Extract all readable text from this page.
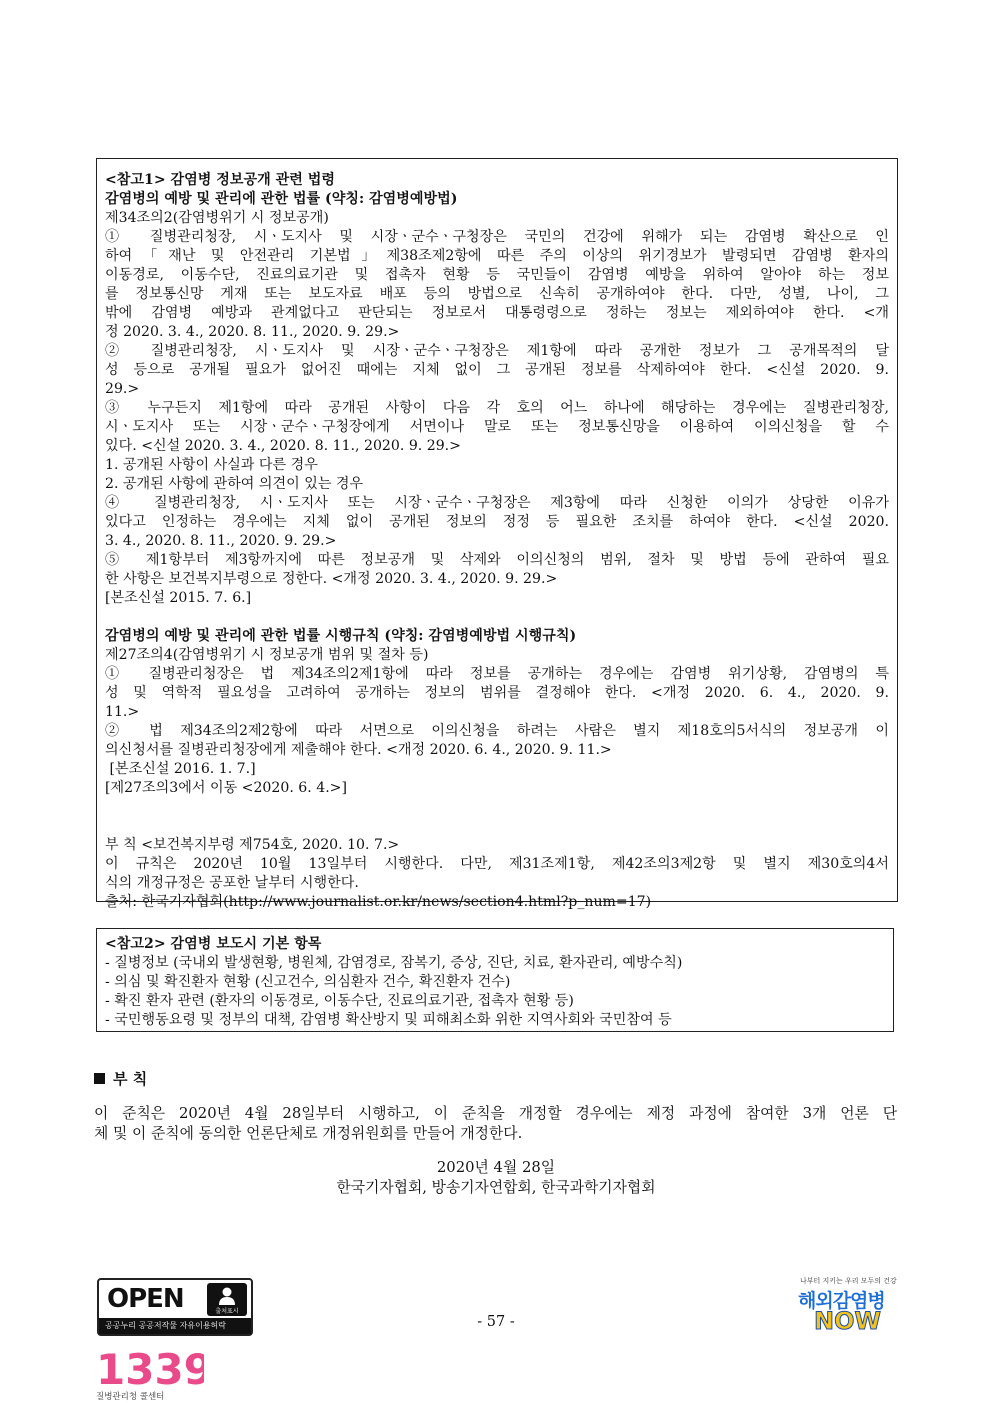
<참고1> 감염병 정보공개 관련 법령
감염병의 예방 및 관리에 관한 법률 (약칭: 감염병예방법)
제34조의2(감염병위기 시 정보공개)
① 질병관리청장, 시ㆍ도지사 및 시장ㆍ군수ㆍ구청장은 국민의 건강에 위해가 되는 감염병 확산으로 인
하여「재난 및 안전관리 기본법」제38조제2항에 따른 주의 이상의 위기경보가 발령되면 감염병 환자의
이동경로, 이동수단, 진료의료기관 및 접촉자 현황 등 국민들이 감염병 예방을 위하여 알아야 하는 정보
를 정보통신망 게재 또는 보도자료 배포 등의 방법으로 신속히 공개하여야 한다. 다만, 성별, 나이, 그
밖에 감염병 예방과 관계없다고 판단되는 정보로서 대통령령으로 정하는 정보는 제외하여야 한다. <개
정 2020. 3. 4., 2020. 8. 11., 2020. 9. 29.>
② 질병관리청장, 시ㆍ도지사 및 시장ㆍ군수ㆍ구청장은 제1항에 따라 공개한 정보가 그 공개목적의 달
성 등으로 공개될 필요가 없어진 때에는 지체 없이 그 공개된 정보를 삭제하여야 한다. <신설 2020. 9.
29.>
③ 누구든지 제1항에 따라 공개된 사항이 다음 각 호의 어느 하나에 해당하는 경우에는 질병관리청장,
시ㆍ도지사 또는 시장ㆍ군수ㆍ구청장에게 서면이나 말로 또는 정보통신망을 이용하여 이의신청을 할 수
있다. <신설 2020. 3. 4., 2020. 8. 11., 2020. 9. 29.>
1. 공개된 사항이 사실과 다른 경우
2. 공개된 사항에 관하여 의견이 있는 경우
④ 질병관리청장, 시ㆍ도지사 또는 시장ㆍ군수ㆍ구청장은 제3항에 따라 신청한 이의가 상당한 이유가
있다고 인정하는 경우에는 지체 없이 공개된 정보의 정정 등 필요한 조치를 하여야 한다. <신설 2020.
3. 4., 2020. 8. 11., 2020. 9. 29.>
⑤ 제1항부터 제3항까지에 따른 정보공개 및 삭제와 이의신청의 범위, 절차 및 방법 등에 관하여 필요
한 사항은 보건복지부령으로 정한다. <개정 2020. 3. 4., 2020. 9. 29.>
[본조신설 2015. 7. 6.]
감염병의 예방 및 관리에 관한 법률 시행규칙 (약칭: 감염병예방법 시행규칙)
제27조의4(감염병위기 시 정보공개 범위 및 절차 등)
① 질병관리청장은 법 제34조의2제1항에 따라 정보를 공개하는 경우에는 감염병 위기상황, 감염병의 특
성 및 역학적 필요성을 고려하여 공개하는 정보의 범위를 결정해야 한다. <개정 2020. 6. 4., 2020. 9.
11.>
② 법 제34조의2제2항에 따라 서면으로 이의신청을 하려는 사람은 별지 제18호의5서식의 정보공개 이
의신청서를 질병관리청장에게 제출해야 한다. <개정 2020. 6. 4., 2020. 9. 11.>
[본조신설 2016. 1. 7.]
[제27조의3에서 이동 <2020. 6. 4.>]
부 칙 <보건복지부령 제754호, 2020. 10. 7.>
이 규칙은 2020년 10월 13일부터 시행한다. 다만, 제31조제1항, 제42조의3제2항 및 별지 제30호의4서
식의 개정규정은 공포한 날부터 시행한다.
출처: 한국기자협회(http://www.journalist.or.kr/news/section4.html?p_num=17)
<참고2> 감염병 보도시 기본 항목
- 질병정보 (국내외 발생현황, 병원체, 감염경로, 잠복기, 증상, 진단, 치료, 환자관리, 예방수칙)
- 의심 및 확진환자 현황 (신고건수, 의심환자 건수, 확진환자 건수)
- 확진 환자 관련 (환자의 이동경로, 이동수단, 진료의료기관, 접촉자 현황 등)
- 국민행동요령 및 정부의 대책, 감염병 확산방지 및 피해최소화 위한 지역사회와 국민참여 등
부 칙
이 준칙은 2020년 4월 28일부터 시행하고, 이 준칙을 개정할 경우에는 제정 과정에 참여한 3개 언론 단
체 및 이 준칙에 동의한 언론단체로 개정위원회를 만들어 개정한다.
2020년 4월 28일
한국기자협회, 방송기자연합회, 한국과학기자협회
OPEN	출처표시
공공누리 공공저작물 자유이용허락	- 57 -
1339
질병관리청 콜센터
나부터 지키는 우리 모두의 건강
해외감염병
NOW
